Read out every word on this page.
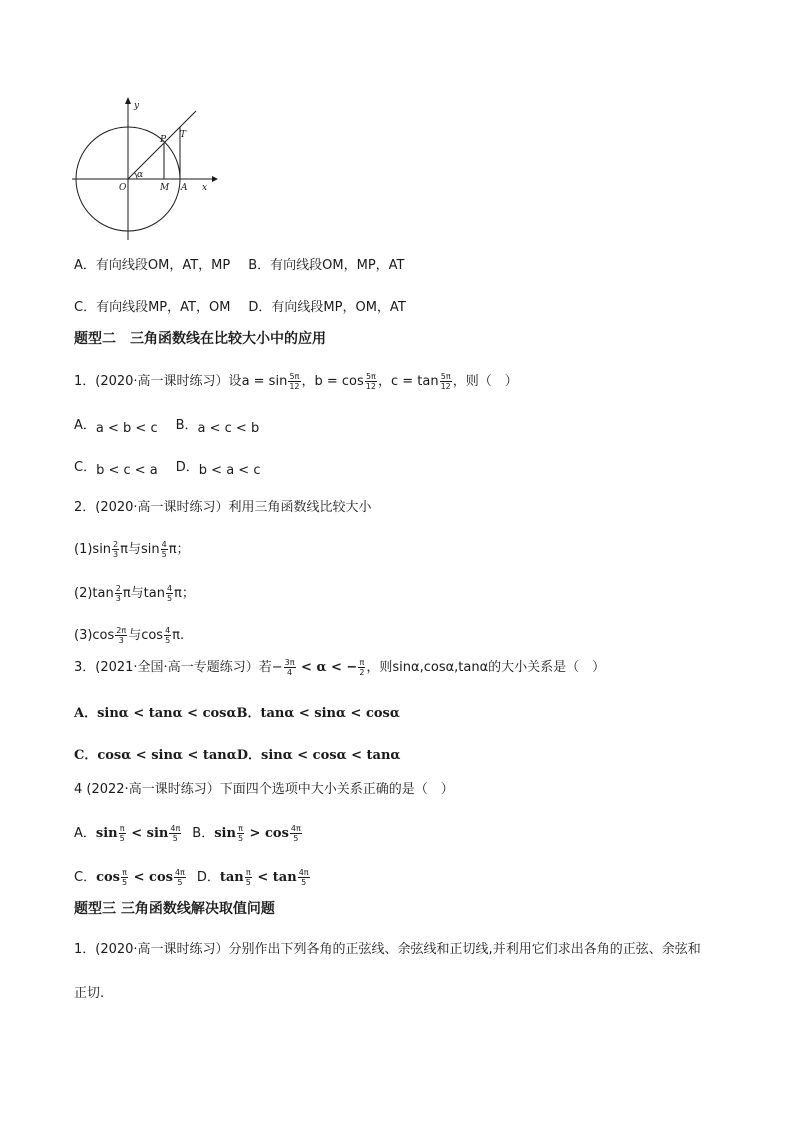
y
x
P T
O	M A
α
A．有向线段OM，AT，MP B．有向线段OM，MP，AT
C．有向线段MP，AT，OM D．有向线段MP，OM，AT
题型二　三角函数线在比较大小中的应用
1．(2020·高一课时练习）设$a = \sin \frac{5\pi}{12}$ ，$b = \cos \frac{5\pi}{12}$ ，$c = \tan \frac{5\pi}{12}$ ，则（　）
A．a < b < c B．a < c < b
C．b < c < a D．b < a < c
2．(2020·高一课时练习）利用三角函数线比较大小
$(1)\sin \frac{2}{3}$ π与$\sin \frac{4}{5}$ π；
$(2)\tan \frac{2}{3}$ π与$\tan \frac{4}{5}$ π；
$(3)\cos \frac{2\pi}{3}$ 与$\cos \frac{4}{5} \pi$.
3．(2021·全国·高一专题练习）若− $\frac{3\pi}{4} < \alpha$ < − $\frac{\pi}{2}$ ，则sinα,cosα,tanα的大小关系是（　）
A．sinα < tanα < cosαB．tanα < sinα < cosα
C．cosα < sinα < tanαD．sinα < cosα < tanα
4 (2022·高一课时练习）下面四个选项中大小关系正确的是（　）
A．$\sin \frac{\pi}{5} < \sin \frac{4\pi}{5}$ B．$\sin \frac{\pi}{5} > \cos \frac{4\pi}{5}$
C．$\cos \frac{\pi}{5} < \cos \frac{4\pi}{5}$ D．$\tan \frac{\pi}{5} < \tan \frac{4\pi}{5}$
题型三 三角函数线解决取值问题
1．(2020·高一课时练习）分别作出下列各角的正弦线、余弦线和正切线,并利用它们求出各角的正弦、余弦和
正切.
